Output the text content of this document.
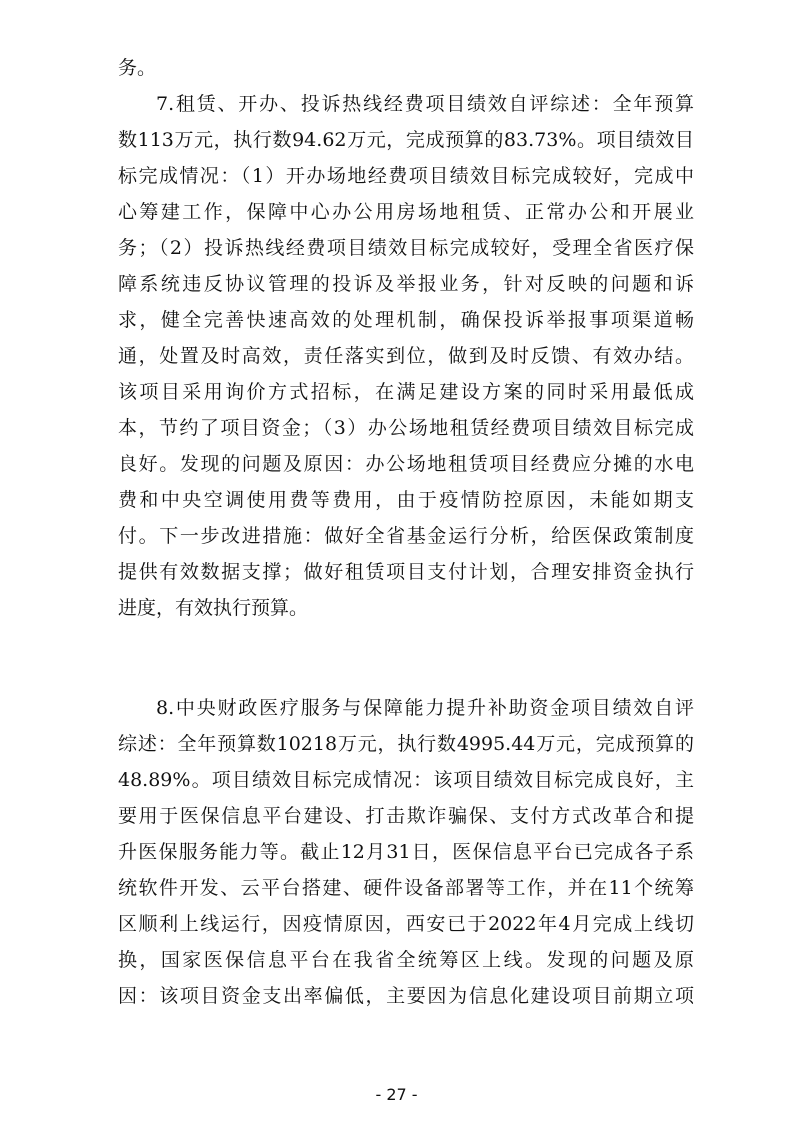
务。
7.租赁、开办、投诉热线经费项目绩效自评综述：全年预算
数113万元，执行数94.62万元，完成预算的83.73%。项目绩效目
标完成情况：（1）开办场地经费项目绩效目标完成较好，完成中
心筹建工作，保障中心办公用房场地租赁、正常办公和开展业
务；（2）投诉热线经费项目绩效目标完成较好，受理全省医疗保
障系统违反协议管理的投诉及举报业务，针对反映的问题和诉
求，健全完善快速高效的处理机制，确保投诉举报事项渠道畅
通，处置及时高效，责任落实到位，做到及时反馈、有效办结。
该项目采用询价方式招标，在满足建设方案的同时采用最低成
本，节约了项目资金；（3）办公场地租赁经费项目绩效目标完成
良好。发现的问题及原因：办公场地租赁项目经费应分摊的水电
费和中央空调使用费等费用，由于疫情防控原因，未能如期支
付。下一步改进措施：做好全省基金运行分析，给医保政策制度
提供有效数据支撑；做好租赁项目支付计划，合理安排资金执行
进度，有效执行预算。
8.中央财政医疗服务与保障能力提升补助资金项目绩效自评
综述：全年预算数10218万元，执行数4995.44万元，完成预算的
48.89%。项目绩效目标完成情况：该项目绩效目标完成良好，主
要用于医保信息平台建设、打击欺诈骗保、支付方式改革合和提
升医保服务能力等。截止12月31日，医保信息平台已完成各子系
统软件开发、云平台搭建、硬件设备部署等工作，并在11个统筹
区顺利上线运行，因疫情原因，西安已于2022年4月完成上线切
换，国家医保信息平台在我省全统筹区上线。发现的问题及原
因：该项目资金支出率偏低，主要因为信息化建设项目前期立项
- 27 -
